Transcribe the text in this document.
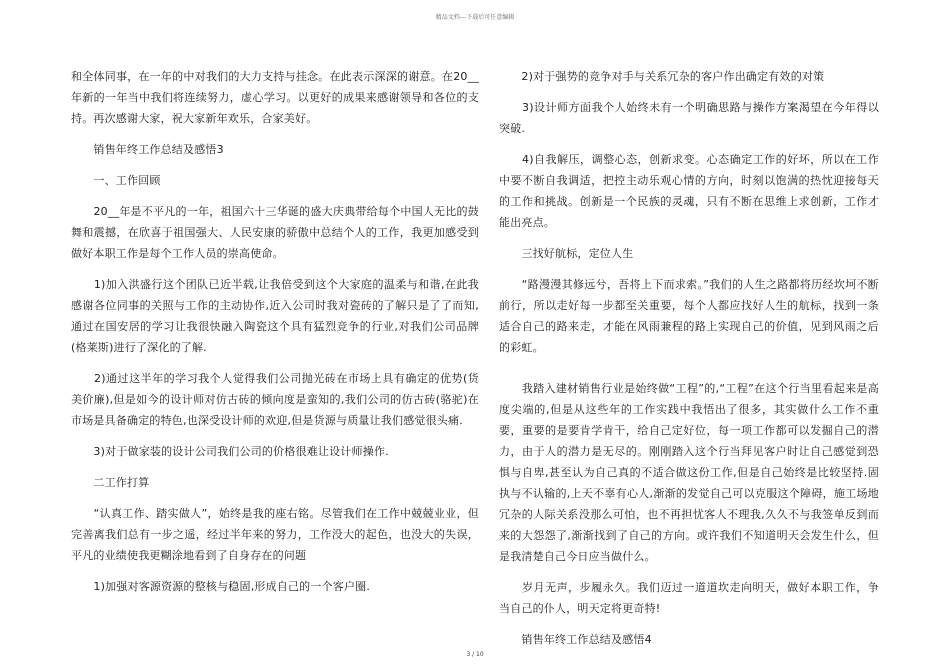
精品文档---下载后可任意编辑

和全体同事，在一年的中对我们的大力支持与挂念。在此表示深深的谢意。在20__年新的一年当中我们将连续努力，虚心学习。以更好的成果来感谢领导和各位的支持。再次感谢大家，祝大家新年欢乐，合家美好。

　　销售年终工作总结及感悟3

　　一、工作回顾

　　20__年是不平凡的一年，祖国六十三华诞的盛大庆典带给每个中国人无比的鼓舞和震撼，在欣喜于祖国强大、人民安康的骄傲中总结个人的工作，我更加感受到做好本职工作是每个工作人员的崇高使命。

　　1)加入洪盛行这个团队已近半载,让我倍受到这个大家庭的温柔与和谐,在此我感谢各位同事的关照与工作的主动协作,近入公司时我对瓷砖的了解只是了了而知,通过在国安居的学习让我很快融入陶瓷这个具有猛烈竞争的行业,对我们公司品牌(格莱斯)进行了深化的了解.

　　2)通过这半年的学习我个人觉得我们公司抛光砖在市场上具有确定的优势(货美价廉),但是如今的设计师对仿古砖的倾向度是蛮知的,我们公司的仿古砖(骆驼)在市场是具备确定的特色,也深受设计师的欢迎,但是货源与质量让我们感觉很头痛.

　　3)对于做家装的设计公司我们公司的价格很难让设计师操作.

　　二工作打算

　　“认真工作、踏实做人”，始终是我的座右铭。尽管我们在工作中兢兢业业，但完善离我们总有一步之遥，经过半年来的努力，工作没大的起色，也没大的失误，平凡的业绩使我更糊涂地看到了自身存在的问题

　　1)加强对客源资源的整核与稳固,形成自己的一个客户圈.

　　2)对于强势的竞争对手与关系冗杂的客户作出确定有效的对策

　　3)设计师方面我个人始终未有一个明确思路与操作方案渴望在今年得以突破.

　　4)自我解压，调整心态，创新求变。心态确定工作的好坏，所以在工作中要不断自我调适，把控主动乐观心情的方向，时刻以饱满的热忱迎接每天的工作和挑战。创新是一个民族的灵魂，只有不断在思维上求创新，工作才能出亮点。

　　三找好航标，定位人生

　　“路漫漫其修远兮，吾将上下而求索。”我们的人生之路都将历经坎坷不断前行，所以走好每一步都至关重要，每个人都应找好人生的航标，找到一条适合自己的路来走，才能在风雨兼程的路上实现自己的价值，见到风雨之后的彩虹。

　　我踏入建材销售行业是始终做“工程”的,“工程”在这个行当里看起来是高度尖端的,但是从这些年的工作实践中我悟出了很多，其实做什么工作不重要，重要的是要肯学肯干，给自己定好位，每一项工作都可以发掘自己的潜力，由于人的潜力是无尽的。刚刚踏入这个行当拜见客户时让自己感觉到恐惧与自卑,甚至认为自己真的不适合做这份工作,但是自己始终是比较坚持.固执与不认输的,上天不辜有心人,渐渐的发觉自己可以克服这个障碍，施工场地冗杂的人际关系没那么可怕，也不再担忧客人不理我,久久不与我签单反到而来的大怨怨了,渐渐找到了自己的方向。或许我们不知道明天会发生什么，但是我清楚自己今日应当做什么。

　　岁月无声，步履永久。我们迈过一道道坎走向明天，做好本职工作，争当自己的仆人，明天定将更奇特!

　　销售年终工作总结及感悟4

3 / 10
